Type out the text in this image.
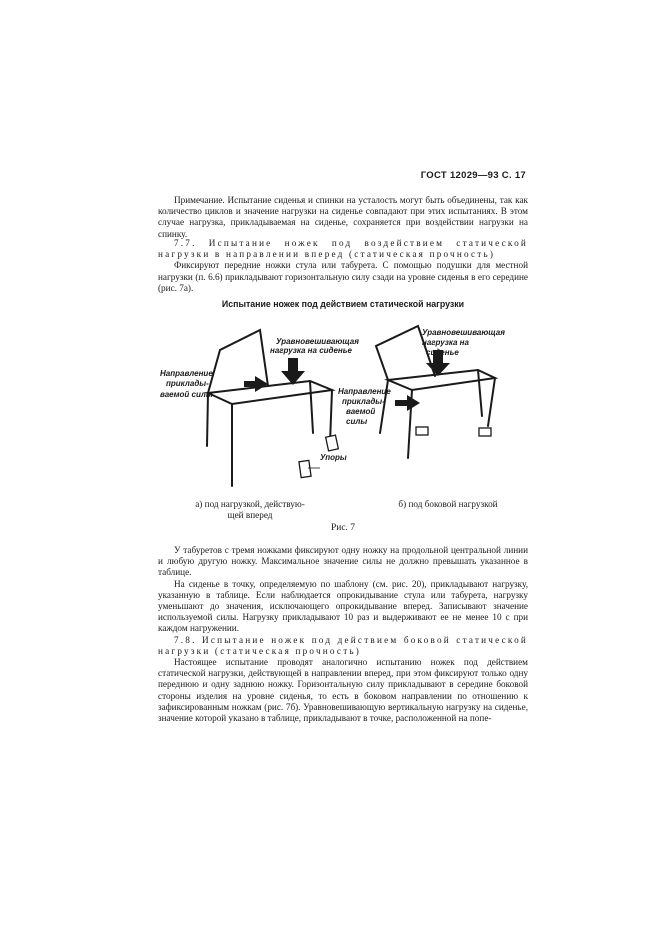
ГОСТ 12029—93 С. 17

Примечание. Испытание сиденья и спинки на усталость могут быть объединены, так как количество циклов и значение нагрузки на сиденье совпадают при этих испытаниях. В этом случае нагрузка, прикладываемая на сиденье, сохраняется при воздействии нагрузки на спинку.

7.7. Испытание ножек под воздействием статической нагрузки в направлении вперед (статическая прочность)

Фиксируют передние ножки стула или табурета. С помощью подушки для местной нагрузки (п. 6.6) прикладывают горизонтальную силу сзади на уровне сиденья в его середине (рис. 7а).

Испытание ножек под действием статической нагрузки
Уравновешивающая
нагрузка на сиденье
Направление
приклады-
ваемой силы
Упоры
Уравновешивающая
нагрузка на
сиденье
Направление
приклады-
ваемой
силы
а) под нагрузкой, действую-
щей вперед
б) под боковой нагрузкой
Рис. 7

У табуретов с тремя ножками фиксируют одну ножку на продольной центральной линии и любую другую ножку. Максимальное значение силы не должно превышать указанное в таблице.

На сиденье в точку, определяемую по шаблону (см. рис. 20), прикладывают нагрузку, указанную в таблице. Если наблюдается опрокидывание стула или табурета, нагрузку уменьшают до значения, исключающего опрокидывание вперед. Записывают значение используемой силы. Нагрузку прикладывают 10 раз и выдерживают ее не менее 10 с при каждом нагружении.

7.8. Испытание ножек под действием боковой статической нагрузки (статическая прочность)

Настоящее испытание проводят аналогично испытанию ножек под действием статической нагрузки, действующей в направлении вперед, при этом фиксируют только одну переднюю и одну заднюю ножку. Горизонтальную силу прикладывают в середине боковой стороны изделия на уровне сиденья, то есть в боковом направлении по отношению к зафиксированным ножкам (рис. 7б). Уравновешивающую вертикальную нагрузку на сиденье, значение которой указано в таблице, прикладывают в точке, расположенной на попе-
